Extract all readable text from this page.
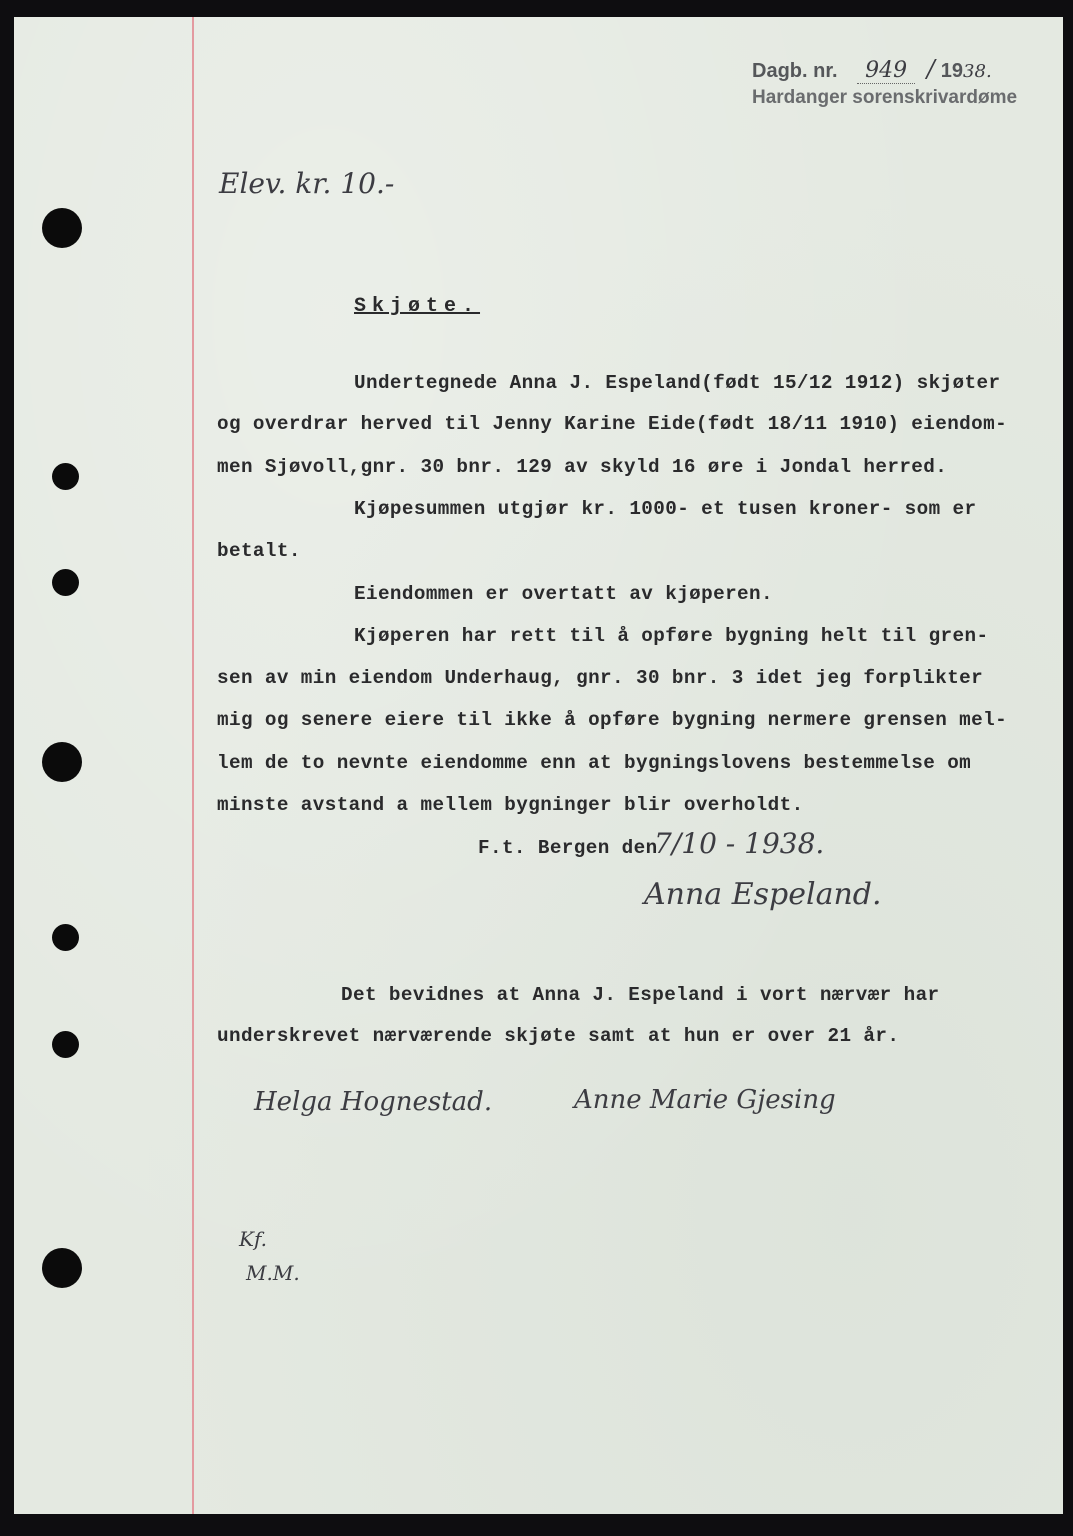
Dagb. nr. 949 / 1938.
Hardanger sorenskrivardøme
Elev. kr. 10.-
Skjøte.
Undertegnede Anna J. Espeland(født 15/12 1912) skjøter
og overdrar herved til Jenny Karine Eide(født 18/11 1910) eiendom-
men Sjøvoll,gnr. 30 bnr. 129 av skyld 16 øre i Jondal herred.
Kjøpesummen utgjør kr. 1000- et tusen kroner- som er
betalt.
Eiendommen er overtatt av kjøperen.
Kjøperen har rett til å opføre bygning helt til gren-
sen av min eiendom Underhaug, gnr. 30 bnr. 3 idet jeg forplikter
mig og senere eiere til ikke å opføre bygning nermere grensen mel-
lem de to nevnte eiendomme enn at bygningslovens bestemmelse om
minste avstand a mellem bygninger blir overholdt.
F.t. Bergen den
7/10 - 1938.
Anna Espeland.
Det bevidnes at Anna J. Espeland i vort nærvær har
underskrevet nærværende skjøte samt at hun er over 21 år.
Helga Hognestad.	Anne Marie Gjesing
Kf.
M.M.
